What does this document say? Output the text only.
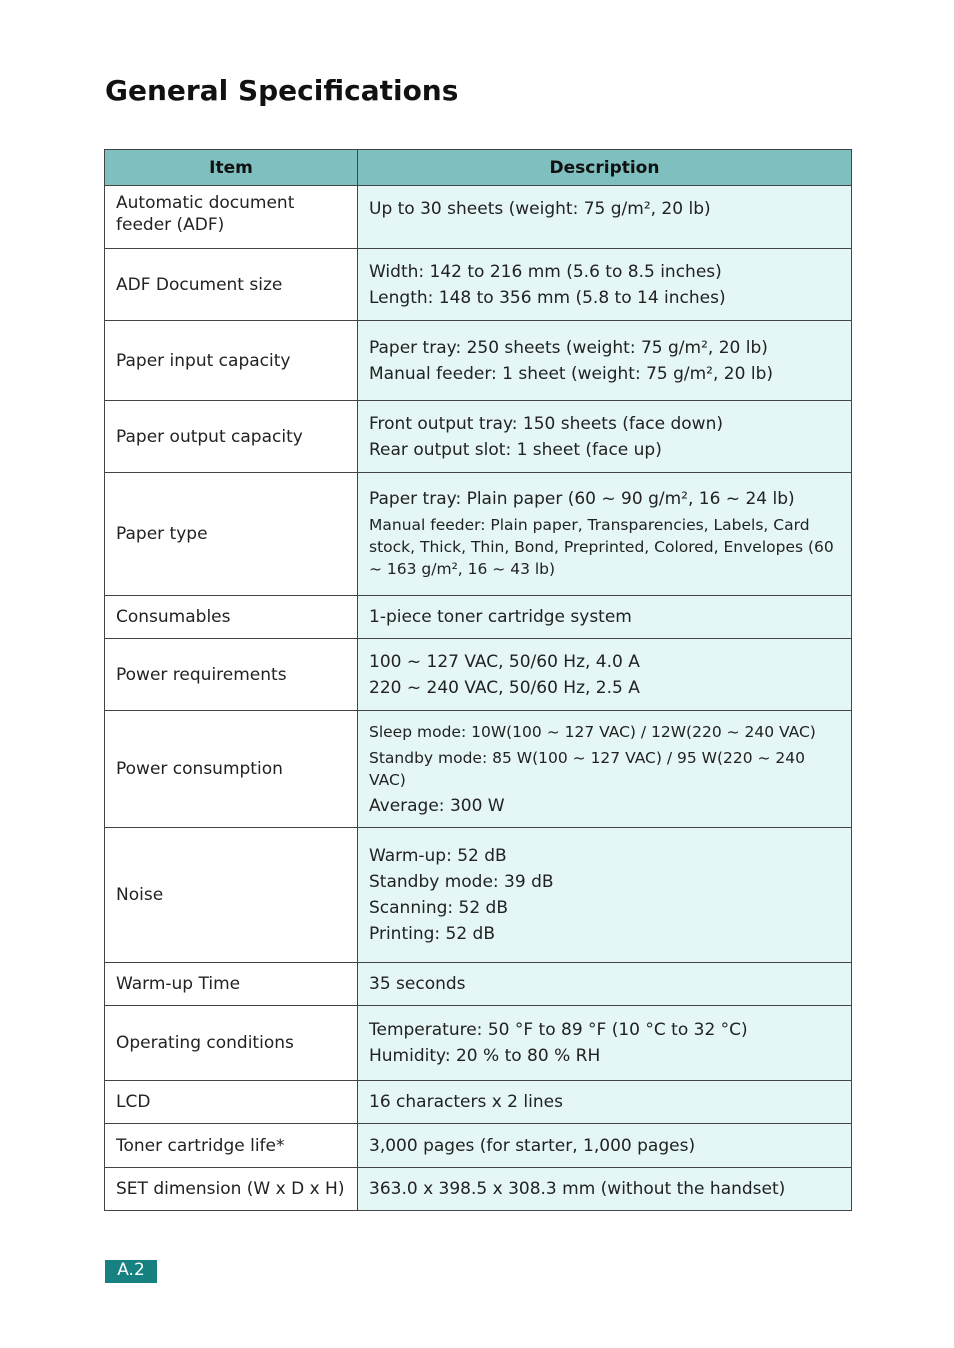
General Specifications
Item	Description
Automatic document feeder (ADF)	Up to 30 sheets (weight: 75 g/m², 20 lb)

ADF Document size	Width: 142 to 216 mm (5.6 to 8.5 inches)
Length: 148 to 356 mm (5.8 to 14 inches)

Paper input capacity	Paper tray: 250 sheets (weight: 75 g/m², 20 lb)
Manual feeder: 1 sheet (weight: 75 g/m², 20 lb)

Paper output capacity	Front output tray: 150 sheets (face down)
Rear output slot: 1 sheet (face up)

Paper type	Paper tray: Plain paper (60 ~ 90 g/m², 16 ~ 24 lb)
Manual feeder: Plain paper, Transparencies, Labels, Card stock, Thick, Thin, Bond, Preprinted, Colored, Envelopes (60 ~ 163 g/m², 16 ~ 43 lb)

Consumables	1-piece toner cartridge system

Power requirements	100 ~ 127 VAC, 50/60 Hz, 4.0 A
220 ~ 240 VAC, 50/60 Hz, 2.5 A

Power consumption	Sleep mode: 10W(100 ~ 127 VAC) / 12W(220 ~ 240 VAC)
Standby mode: 85 W(100 ~ 127 VAC) / 95 W(220 ~ 240 VAC)
Average: 300 W

Noise	Warm-up: 52 dB
Standby mode: 39 dB
Scanning: 52 dB
Printing: 52 dB

Warm-up Time	35 seconds

Operating conditions	Temperature: 50 °F to 89 °F (10 °C to 32 °C)
Humidity: 20 % to 80 % RH

LCD	16 characters x 2 lines

Toner cartridge life*	3,000 pages (for starter, 1,000 pages)

SET dimension (W x D x H)	363.0 x 398.5 x 308.3 mm (without the handset)
A.2
